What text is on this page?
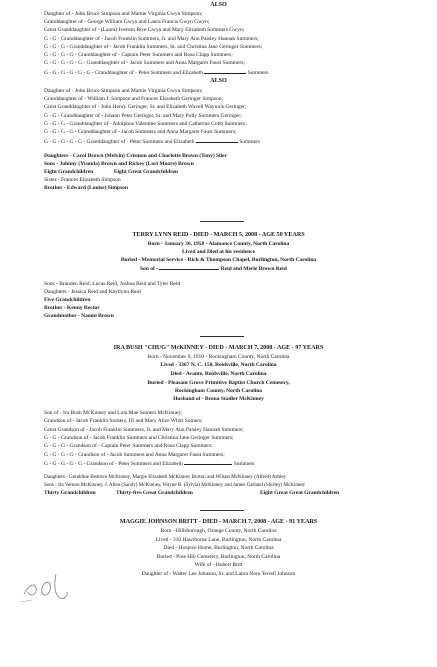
ALSO
Daughter of - John Bruce Simpson and Mamie Virginia Gwyn Simpson;
Granddaughter of - George William Gwyn and Laura Francis Gwyn Gwyn;
Great Granddaughter of - (Laura) Iverson Rice Gwyn and Mary Elizabeth Summers Gwyn;
G - G - Granddaughter of - Jacob Franklin Summers, Jr. and Mary Ann Paisley Hannah Summers;
G - G - G - Granddaughter of - Jacob Franklin Summers, Sr. and Christina Jane Geringer Summers;
G - G - G - G - Granddaughter of - Captain Peter Summers and Rosa Clapp Summers;
G - G - G - G - G - Granddaughter of - Jacob Summers and Anna Margaret Faust Summers;
G - G - G - G - G - G - Granddaughter of - Peter Summers and Elizabeth	Summers
ALSO
Daughter of - John Bruce Simpson and Mamie Virginia Gwyn Simpson;
Granddaughter of - William J. Simpson and Frances Elizabeth Geringer Simpson;
Great Granddaughter of - John Henry Geringer, Sr. and Elizabeth Wavell Waynick Geringer;
G - G - Granddaughter of - Johann Peter Geringer, Sr. and Mary Polly Summers Geringer;
G - G - G - Granddaughter of - Adolphus Valentine Summers and Catherine Cobb Summers;
G - G - G - G - Granddaughter of - Jacob Summers and Anna Margaret Faust Summers;
G - G - G - G - G - Granddaughter of - Peter Summers and Elizabeth	Summers
Daughters - Carol Brown (Melvin) Crismon and Charlotte Brown (Tony) Siler
Sons - Johnny (Yvonda) Brown and Rickey (Lori Moore) Brown
Eight Grandchildren	Eight Great Grandchildren
Sister - Frances Elizabeth Simpson
Brother - Edward (Louise) Simpson
TERRY LYNN REID - DIED - MARCH 5, 2008 - AGE 50 YEARS
Born - January 30, 1958 - Alamance County, North Carolina
Lived and Died at his residence
Buried - Memorial Service - Rich & Thompson Chapel, Burlington, North Carolina
Son of -	Reid and Merle Brown Reid
Sons - Branden Reid, Lucas Reid, Joshua Reid and Tyler Reid
Daughters - Jessica Reid and Kaytlynn Reid
Five Grandchildren
Brother - Kenny Rector
Grandmother - Naomi Brown
IRA BUSH "CHUG" McKINNEY - DIED - MARCH 7, 2008 - AGE - 97 YEARS
Born - November 9, 1910 - Rockingham County, North Carolina
Lived - 3367 N. C. 150, Reidsville, North Carolina
Died - Avante, Reidsville, North Carolina
Buried - Pleasant Grove Primitive Baptist Church Cemetery,
Rockingham County, North Carolina
Husband of - Brona Stadler McKinney
Son of - Ira Bush McKinney and Lula Mae Somers McKinney;
Grandson of - Jacob Franklin Somers, III and Mary Alice Whitt Somers;
Great Grandson of - Jacob Franklin Summers, Jr. and Mary Ann Paisley Hannah Summers;
G - G - Grandson of - Jacob Franklin Summers and Christina Jane Geringer Summers;
G - G - G - Grandson of - Captain Peter Summers and Rosa Clapp Summers;
G - G - G - G - Grandson of - Jacob Summers and Anna Margaret Faust Summers;
G - G - G - G - G - Grandson of - Peter Summers and Elizabeth	Summers
Daughters - Geraldine Beatrice McKinney, Margie Elizabeth McKinney Burton and Wilson McKinney (Alfred) Ashley
Sons - Ira Vernon McKinney, J. Allen (Sandy) McKinney, Wayne B. (Sylvia) McKinney and James Garland (Shirley) McKinney
Thirty Grandchildren	Thirty-five Great Grandchildren	Eight Great Great Grandchildren
MAGGIE JOHNSON BRITT - DIED - MARCH 7, 2008 - AGE - 91 YEARS
Born - Hillsborough, Orange County, North Carolina
Lived - 310 Hawthorne Lane, Burlington, North Carolina
Died - Hospice Home, Burlington, North Carolina
Buried - Pine Hill Cemetery, Burlington, North Carolina
Wife of - Hubert Britt
Daughter of - Walter Lee Johnson, Sr. and Laura Nora Terrell Johnson
